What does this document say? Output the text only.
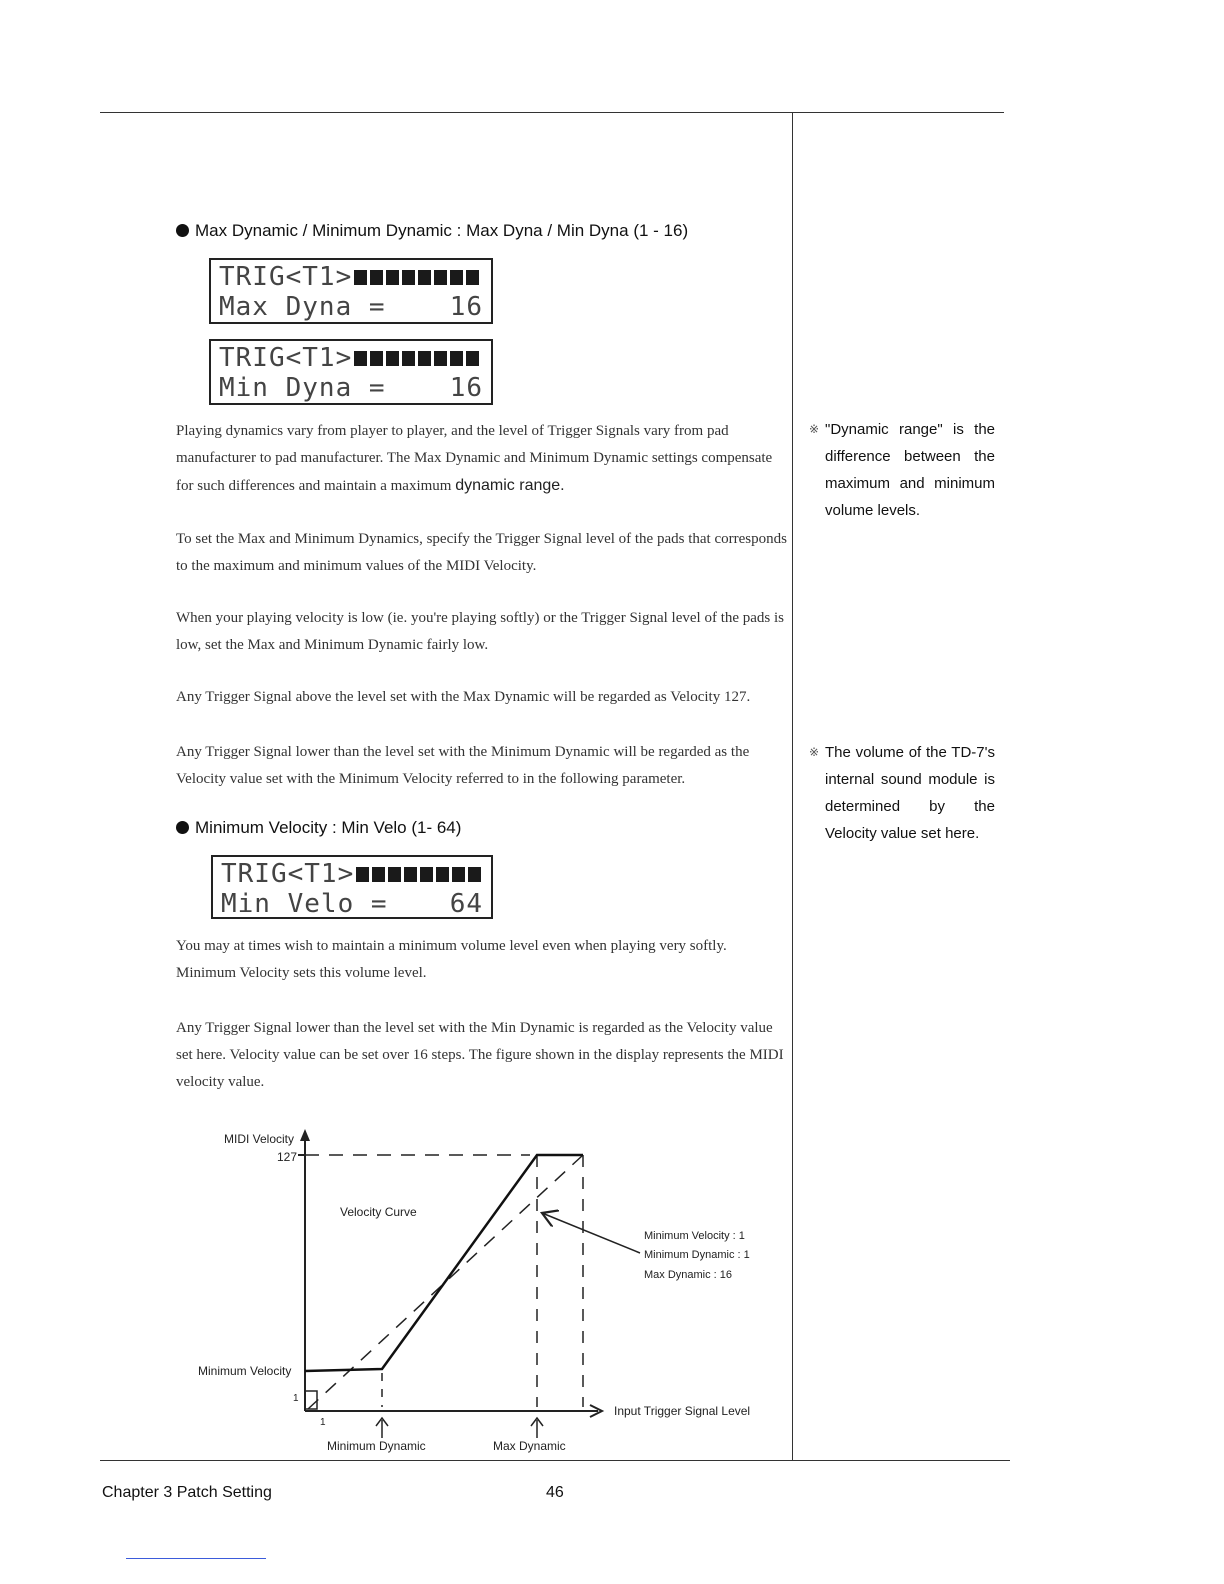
Max Dynamic / Minimum Dynamic : Max Dyna / Min Dyna (1 - 16)
TRIG<T1>
Max Dyna = 16
TRIG<T1>
Min Dyna = 16
Playing dynamics vary from player to player, and the level of Trigger Signals vary from pad manufacturer to pad manufacturer. The Max Dynamic and Minimum Dynamic settings compensate for such differences and maintain a maximum dynamic range.
To set the Max and Minimum Dynamics, specify the Trigger Signal level of the pads that corresponds to the maximum and minimum values of the MIDI Velocity.
When your playing velocity is low (ie. you're playing softly) or the Trigger Signal level of the pads is low, set the Max and Minimum Dynamic fairly low.
Any Trigger Signal above the level set with the Max Dynamic will be regarded as Velocity 127.
Any Trigger Signal lower than the level set with the Minimum Dynamic will be regarded as the Velocity value set with the Minimum Velocity referred to in the following parameter.
Minimum Velocity : Min Velo (1- 64)
TRIG<T1>
Min Velo = 64
You may at times wish to maintain a minimum volume level even when playing very softly. Minimum Velocity sets this volume level.
Any Trigger Signal lower than the level set with the Min Dynamic is regarded as the Velocity value set here. Velocity value can be set over 16 steps. The figure shown in the display represents the MIDI velocity value.
※ "Dynamic range" is the difference between the maximum and minimum volume levels.
※ The volume of the TD-7's internal sound module is determined by the Velocity value set here.
MIDI Velocity
127
1
Minimum Velocity
1
Velocity Curve
Input Trigger Signal Level
Minimum Velocity : 1
Minimum Dynamic : 1
Max Dynamic : 16
Minimum Dynamic	Max Dynamic
Chapter 3 Patch Setting	46
